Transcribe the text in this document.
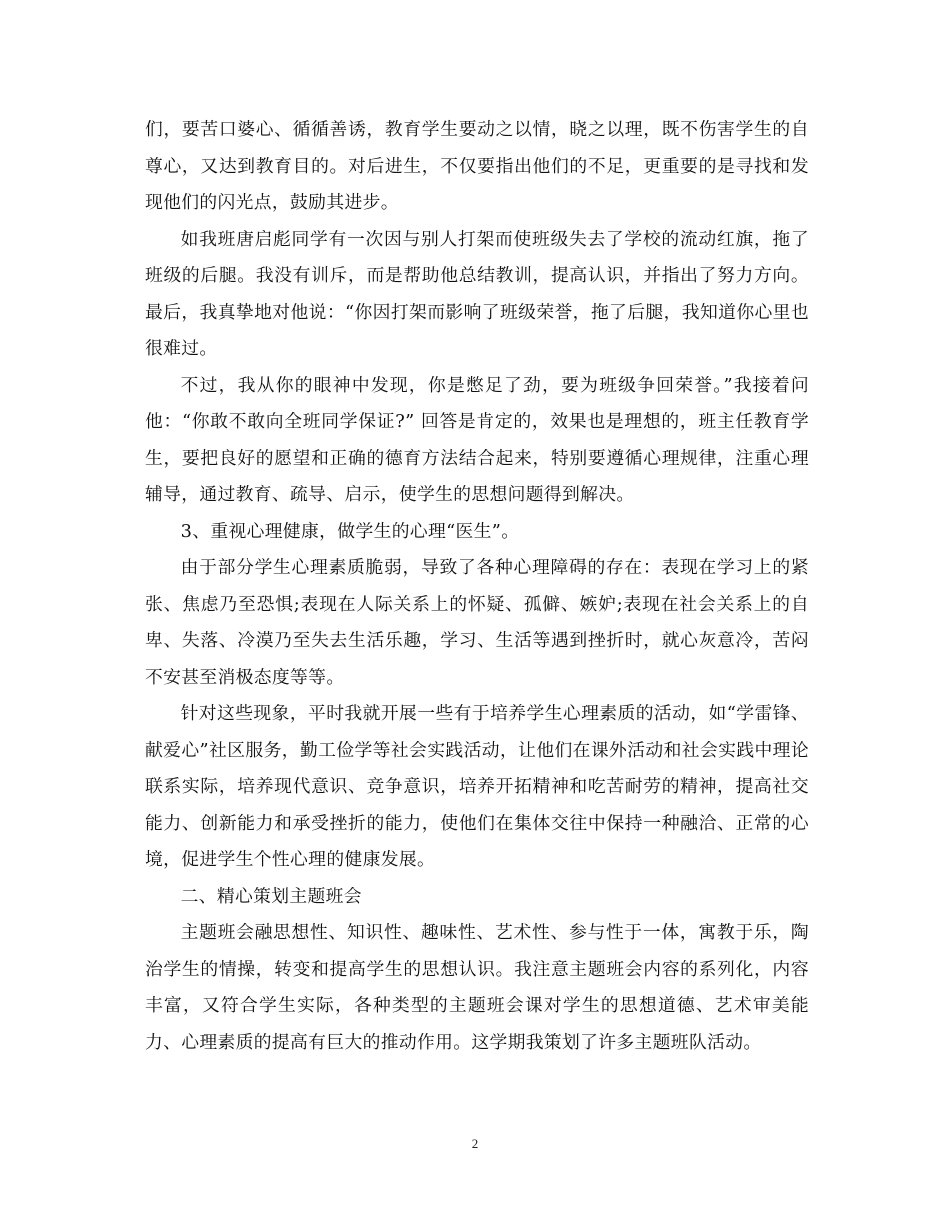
们，要苦口婆心、循循善诱，教育学生要动之以情，晓之以理，既不伤害学生的自尊心，又达到教育目的。对后进生，不仅要指出他们的不足，更重要的是寻找和发现他们的闪光点，鼓励其进步。

如我班唐启彪同学有一次因与别人打架而使班级失去了学校的流动红旗，拖了班级的后腿。我没有训斥，而是帮助他总结教训，提高认识，并指出了努力方向。最后，我真挚地对他说：“你因打架而影响了班级荣誉，拖了后腿，我知道你心里也很难过。

不过，我从你的眼神中发现，你是憋足了劲，要为班级争回荣誉。”我接着问他：“你敢不敢向全班同学保证?” 回答是肯定的，效果也是理想的，班主任教育学生，要把良好的愿望和正确的德育方法结合起来，特别要遵循心理规律，注重心理辅导，通过教育、疏导、启示，使学生的思想问题得到解决。

3、重视心理健康，做学生的心理“医生”。

由于部分学生心理素质脆弱，导致了各种心理障碍的存在：表现在学习上的紧张、焦虑乃至恐惧;表现在人际关系上的怀疑、孤僻、嫉妒;表现在社会关系上的自卑、失落、冷漠乃至失去生活乐趣，学习、生活等遇到挫折时，就心灰意冷，苦闷不安甚至消极态度等等。

针对这些现象，平时我就开展一些有于培养学生心理素质的活动，如“学雷锋、献爱心”社区服务，勤工俭学等社会实践活动，让他们在课外活动和社会实践中理论联系实际，培养现代意识、竞争意识，培养开拓精神和吃苦耐劳的精神，提高社交能力、创新能力和承受挫折的能力，使他们在集体交往中保持一种融洽、正常的心境，促进学生个性心理的健康发展。

二、精心策划主题班会

主题班会融思想性、知识性、趣味性、艺术性、参与性于一体，寓教于乐，陶治学生的情操，转变和提高学生的思想认识。我注意主题班会内容的系列化，内容丰富，又符合学生实际，各种类型的主题班会课对学生的思想道德、艺术审美能力、心理素质的提高有巨大的推动作用。这学期我策划了许多主题班队活动。

2
